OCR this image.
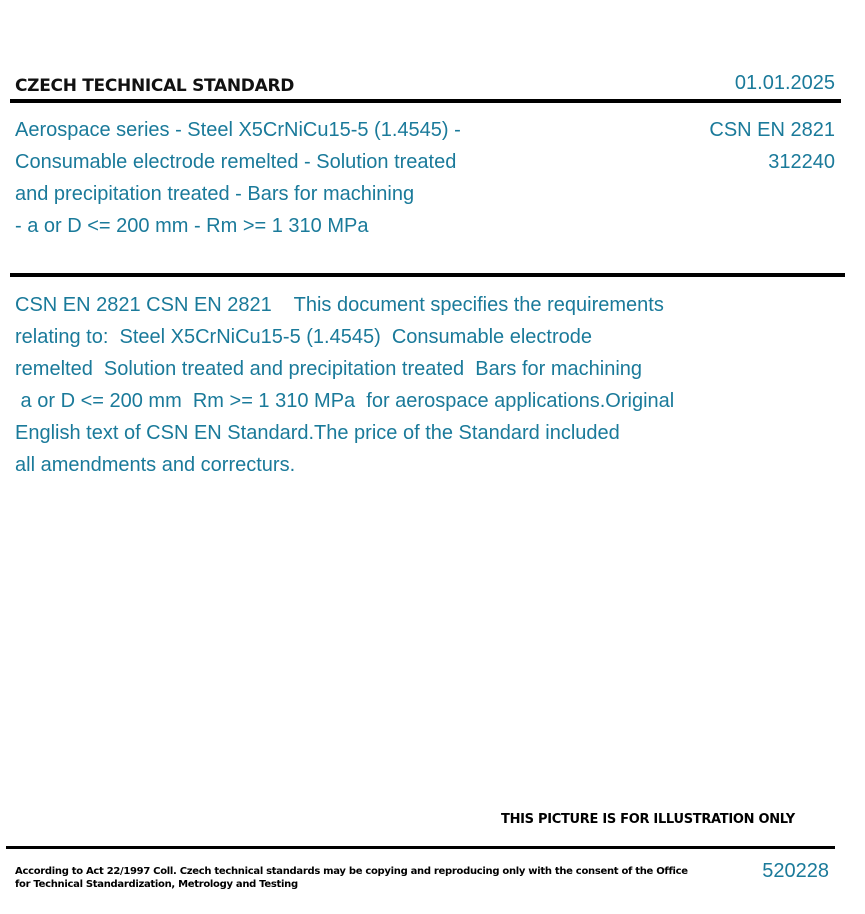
CZECH TECHNICAL STANDARD	01.01.2025
Aerospace series - Steel X5CrNiCu15-5 (1.4545) -
Consumable electrode remelted - Solution treated
and precipitation treated - Bars for machining
- a or D <= 200 mm - Rm >= 1 310 MPa
CSN EN 2821
312240
CSN EN 2821 CSN EN 2821    This document specifies the requirements
relating to:  Steel X5CrNiCu15-5 (1.4545)  Consumable electrode
remelted  Solution treated and precipitation treated  Bars for machining
a or D <= 200 mm  Rm >= 1 310 MPa  for aerospace applications.Original
English text of CSN EN Standard.The price of the Standard included
all amendments and correcturs.
THIS PICTURE IS FOR ILLUSTRATION ONLY
According to Act 22/1997 Coll. Czech technical standards may be copying and reproducing only with the consent of the Office
for Technical Standardization, Metrology and Testing
520228
